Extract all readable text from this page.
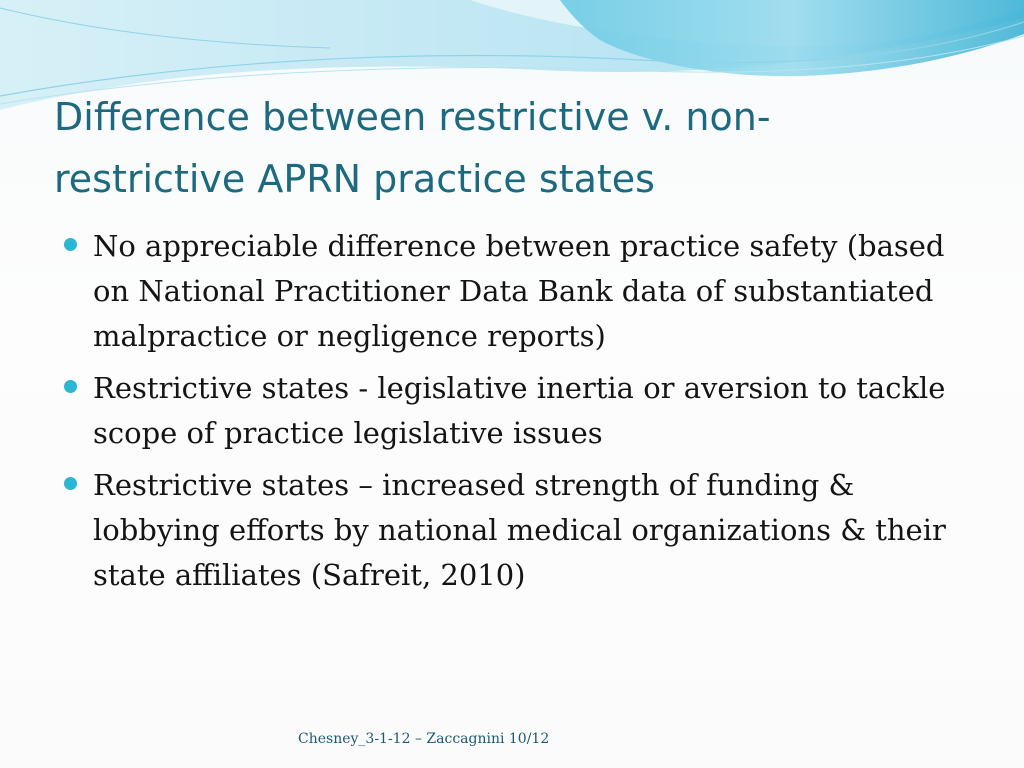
Difference between restrictive v. non-restrictive APRN practice states
No appreciable difference between practice safety (based on National Practitioner Data Bank data of substantiated malpractice or negligence reports)
Restrictive states - legislative inertia or aversion to tackle scope of practice legislative issues
Restrictive states – increased strength of funding & lobbying efforts by national medical organizations & their state affiliates (Safreit, 2010)
Chesney_3-1-12 – Zaccagnini 10/12
